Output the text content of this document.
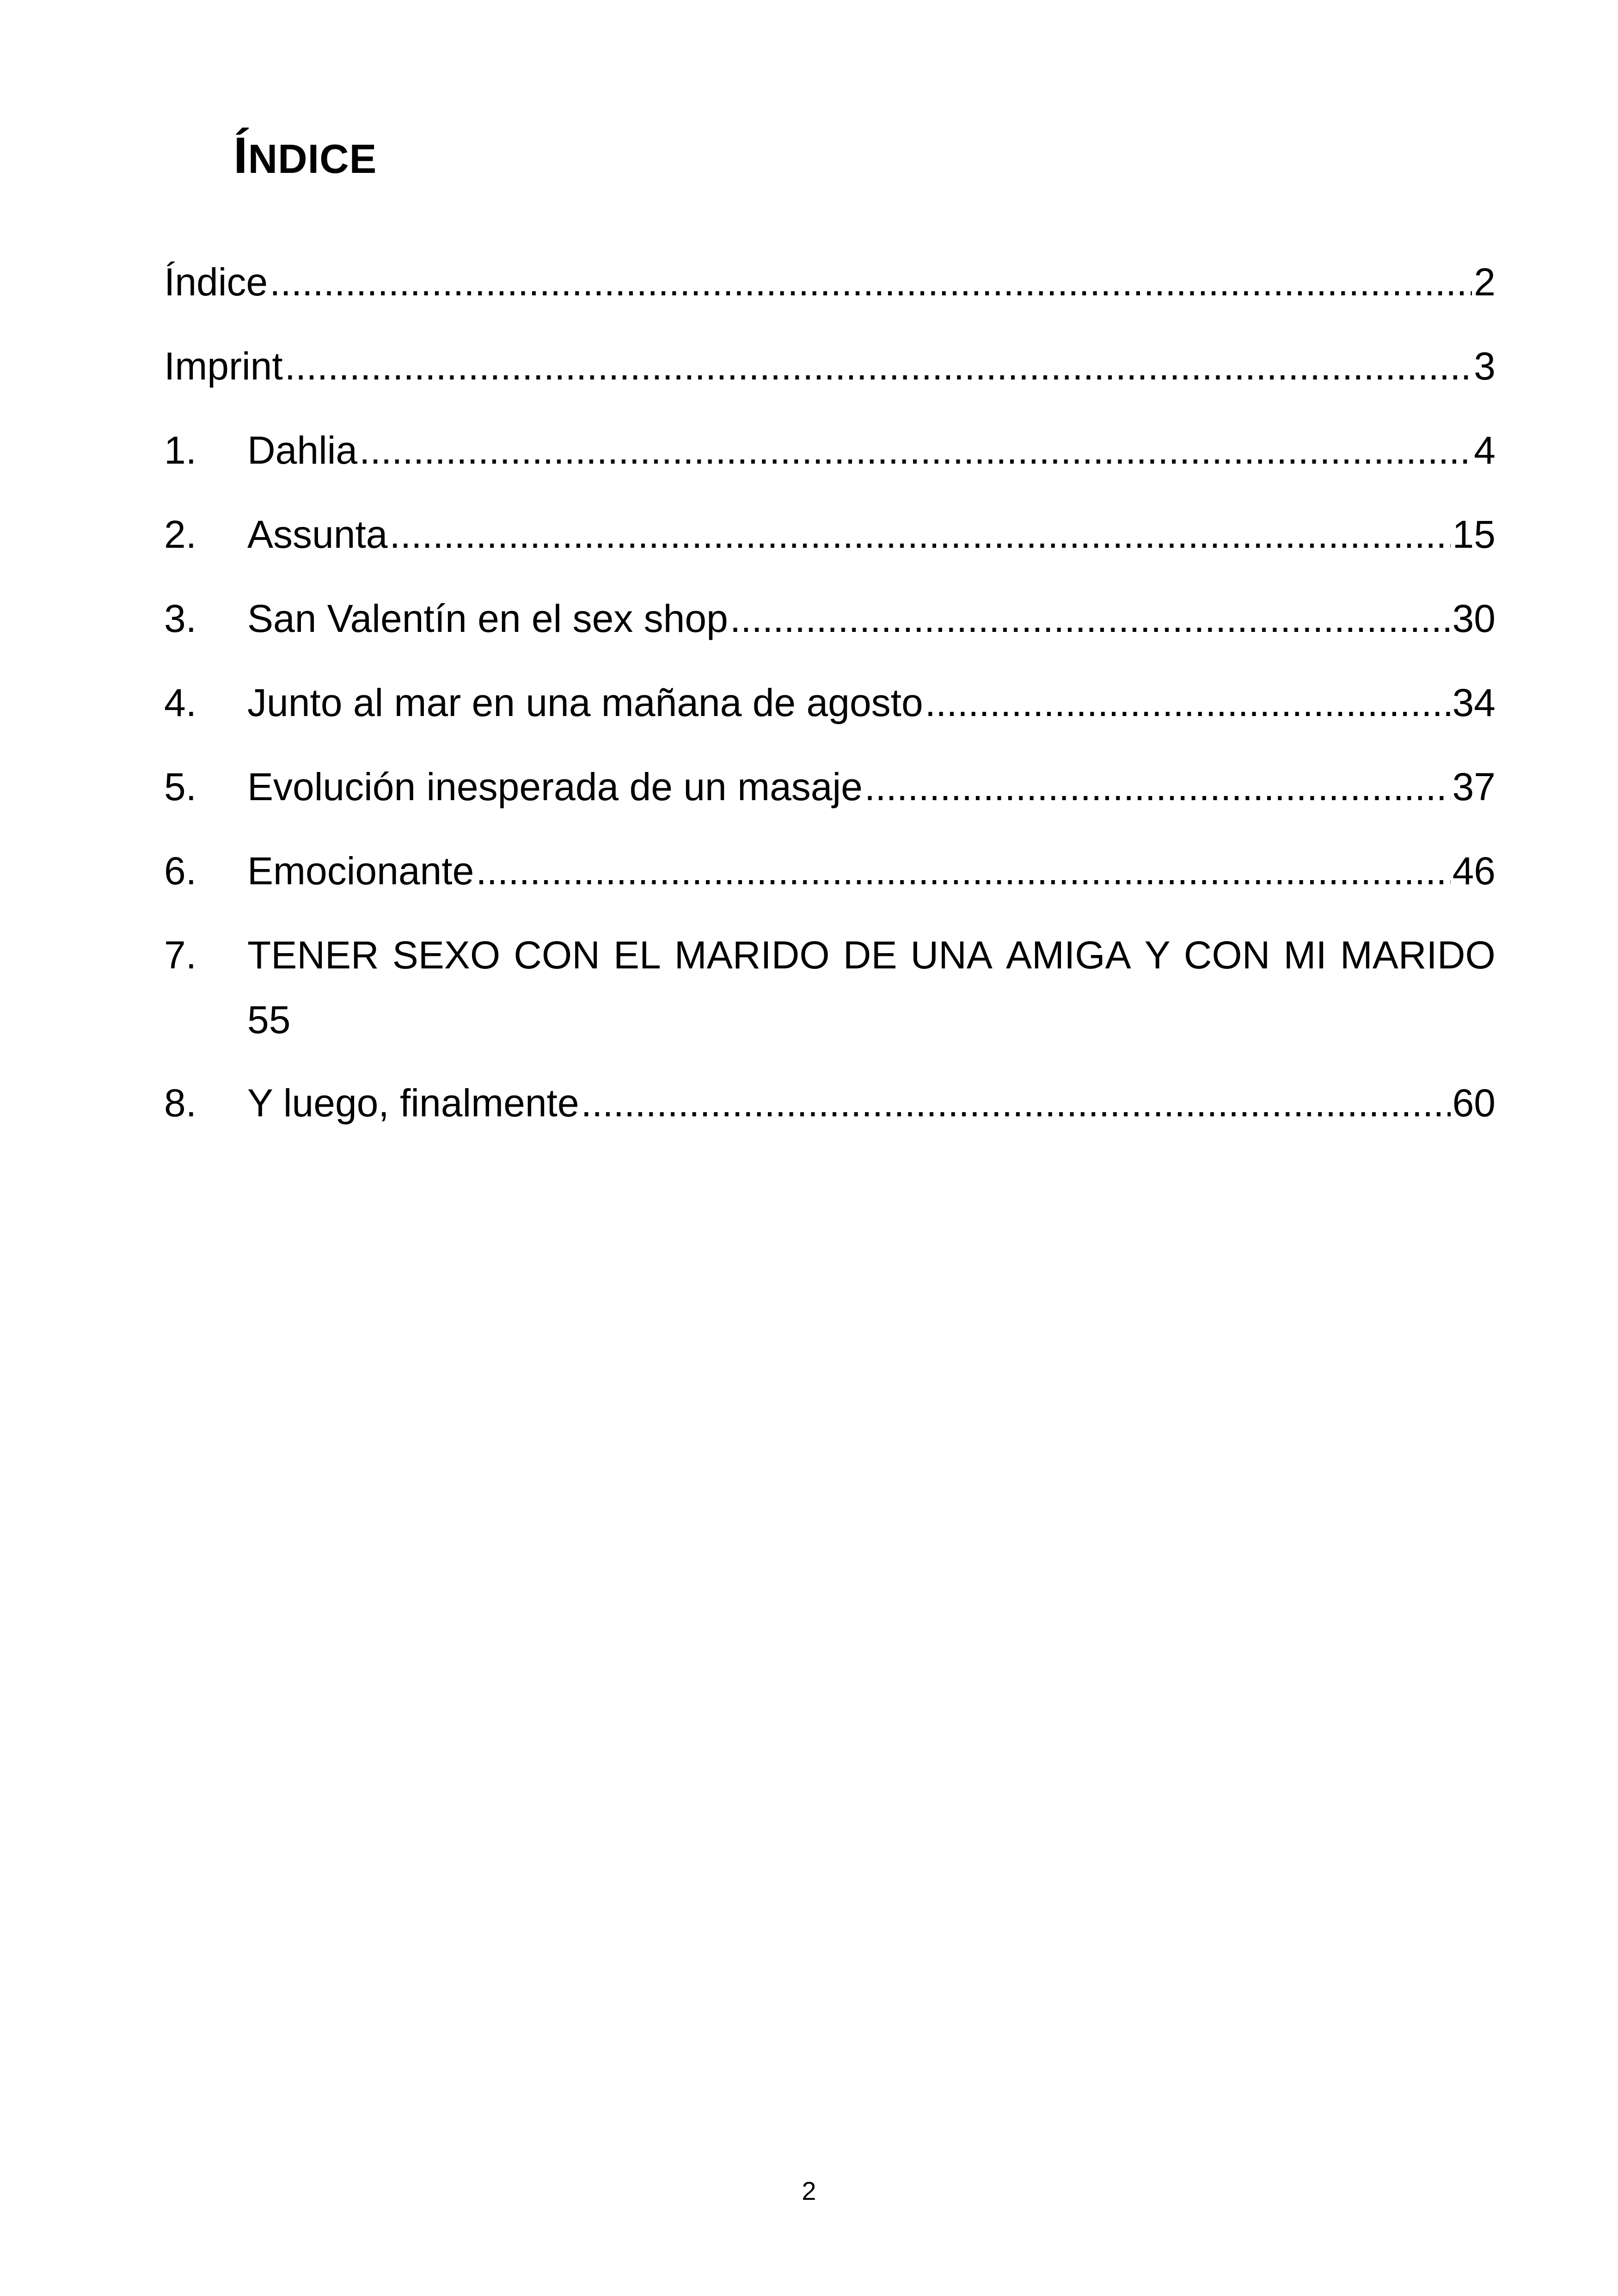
ÍNDICE
Índice .....	2
Imprint .....	3
1.	Dahlia .....	4
2.	Assunta .....	15
3.	San Valentín en el sex shop .....	30
4.	Junto al mar en una mañana de agosto .....	34
5.	Evolución inesperada de un masaje .....	37
6.	Emocionante .....	46
7.	TENER SEXO CON EL MARIDO DE UNA AMIGA Y CON MI MARIDO
55
8.	Y luego, finalmente .....	60
2
